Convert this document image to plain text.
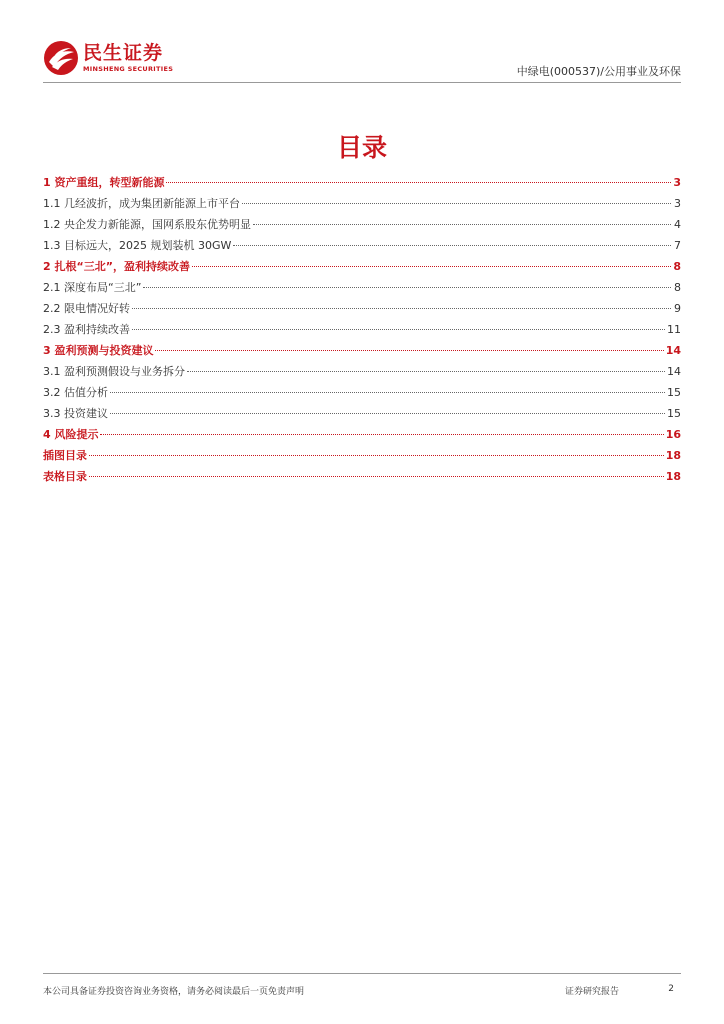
民生证券
MINSHENG SECURITIES	中绿电(000537)/公用事业及环保
目录
1 资产重组，转型新能源	3
1.1 几经波折，成为集团新能源上市平台	3
1.2 央企发力新能源，国网系股东优势明显	4
1.3 目标远大，2025 规划装机 30GW	7
2 扎根“三北”，盈利持续改善	8
2.1 深度布局“三北”	8
2.2 限电情况好转	9
2.3 盈利持续改善	11
3 盈利预测与投资建议	14
3.1 盈利预测假设与业务拆分	14
3.2 估值分析	15
3.3 投资建议	15
4 风险提示	16
插图目录	18
表格目录	18
本公司具备证券投资咨询业务资格，请务必阅读最后一页免责声明	证券研究报告	2
